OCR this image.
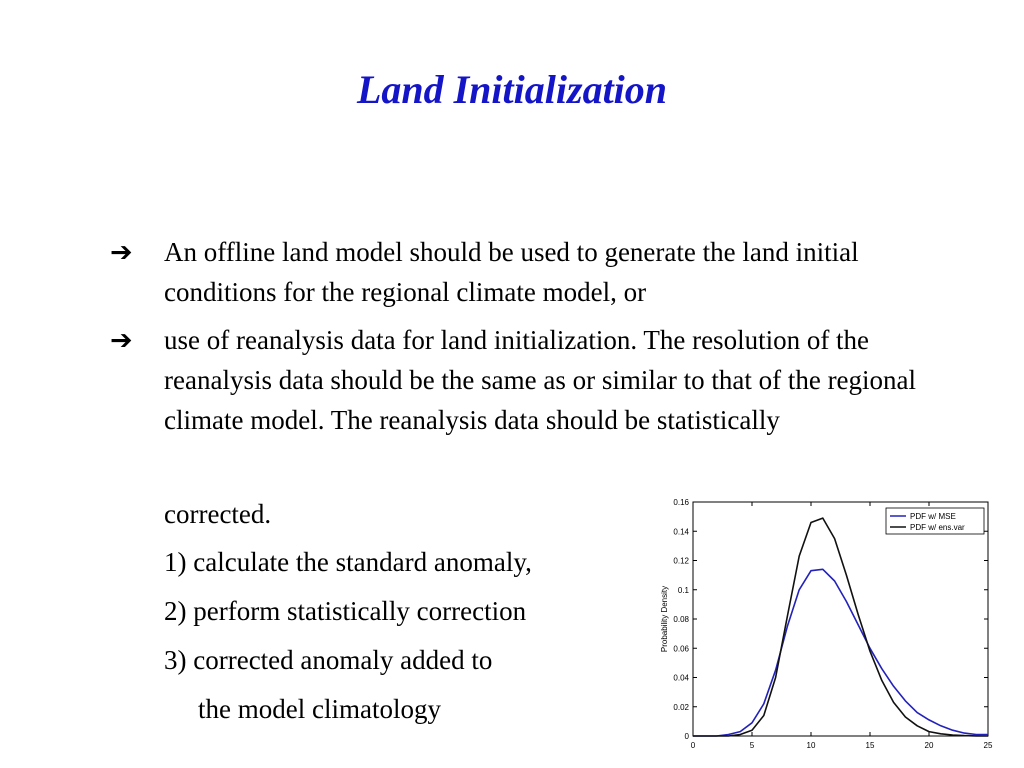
Land Initialization
➔ An offline land model should be used to generate the land initial conditions for the regional climate model, or
➔ use of reanalysis data for land initialization. The resolution of the reanalysis data should be the same as or similar to that of the regional climate model. The reanalysis data should be statistically
corrected.
1) calculate the standard anomaly,
2) perform statistically correction
3) corrected anomaly added to
the model climatology
0
0.02
0.04
0.06
0.08
0.1
0.12
0.14
0.16
0	5	10	15	20	25
Probability Density
PDF w/ MSE
PDF w/ ens.var
